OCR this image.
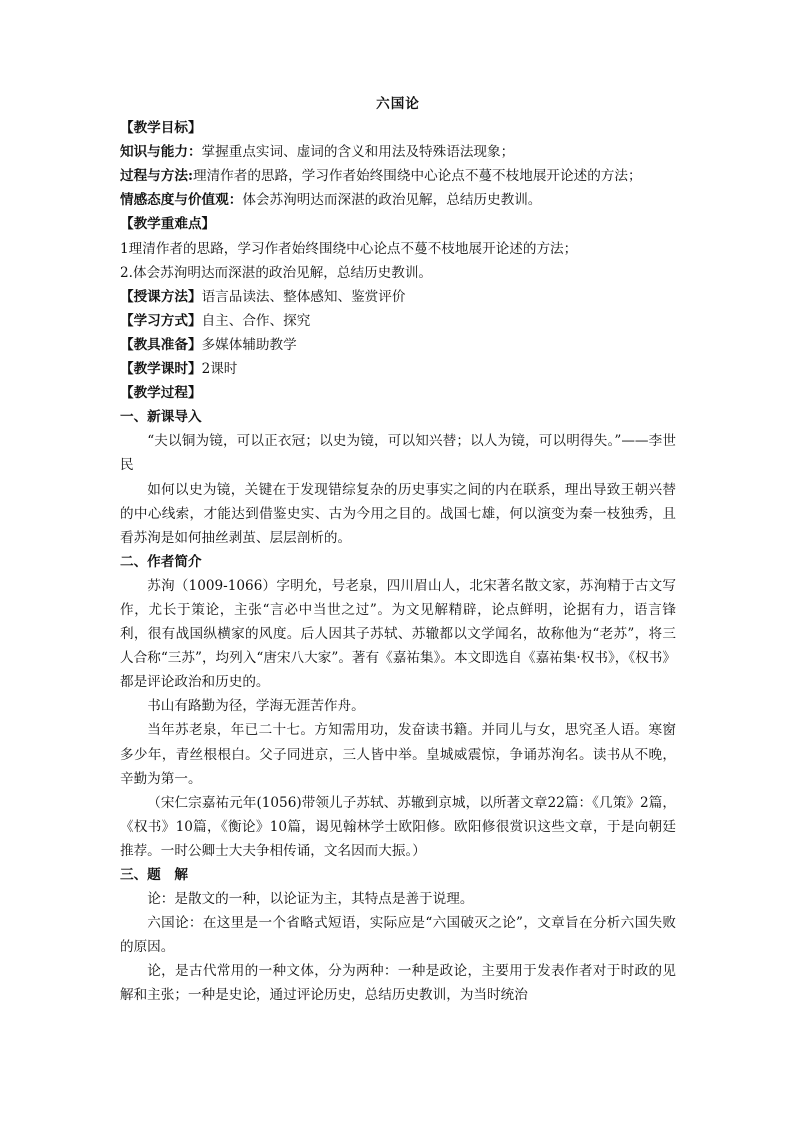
六国论

【教学目标】

知识与能力：掌握重点实词、虚词的含义和用法及特殊语法现象；

过程与方法:理清作者的思路，学习作者始终围绕中心论点不蔓不枝地展开论述的方法；

情感态度与价值观：体会苏洵明达而深湛的政治见解，总结历史教训。

【教学重难点】

1理清作者的思路，学习作者始终围绕中心论点不蔓不枝地展开论述的方法；

2.体会苏洵明达而深湛的政治见解，总结历史教训。

【授课方法】语言品读法、整体感知、鉴赏评价

【学习方式】自主、合作、探究

【教具准备】多媒体辅助教学

【教学课时】2课时

【教学过程】

一、新课导入

“夫以铜为镜，可以正衣冠；以史为镜，可以知兴替；以人为镜，可以明得失。”——李世民

如何以史为镜，关键在于发现错综复杂的历史事实之间的内在联系，理出导致王朝兴替的中心线索，才能达到借鉴史实、古为今用之目的。战国七雄，何以演变为秦一枝独秀，且看苏洵是如何抽丝剥茧、层层剖析的。

二、作者简介

苏洵（1009-1066）字明允，号老泉，四川眉山人，北宋著名散文家，苏洵精于古文写作，尤长于策论，主张“言必中当世之过”。为文见解精辟，论点鲜明，论据有力，语言锋利，很有战国纵横家的风度。后人因其子苏轼、苏辙都以文学闻名，故称他为“老苏”，将三人合称“三苏”，均列入“唐宋八大家”。著有《嘉祐集》。本文即选自《嘉祐集·权书》，《权书》都是评论政治和历史的。

书山有路勤为径，学海无涯苦作舟。

当年苏老泉，年已二十七。方知需用功，发奋读书籍。并同儿与女，思究圣人语。寒窗多少年，青丝根根白。父子同进京，三人皆中举。皇城威震惊，争诵苏洵名。读书从不晚，辛勤为第一。

（宋仁宗嘉祐元年(1056)带领儿子苏轼、苏辙到京城，以所著文章22篇：《几策》2篇，《权书》10篇，《衡论》10篇，谒见翰林学士欧阳修。欧阳修很赏识这些文章，于是向朝廷推荐。一时公卿士大夫争相传诵，文名因而大振。）

三、题　解

论：是散文的一种，以论证为主，其特点是善于说理。

六国论：在这里是一个省略式短语，实际应是“六国破灭之论”，文章旨在分析六国失败的原因。

论，是古代常用的一种文体，分为两种：一种是政论，主要用于发表作者对于时政的见解和主张；一种是史论，通过评论历史，总结历史教训，为当时统治
